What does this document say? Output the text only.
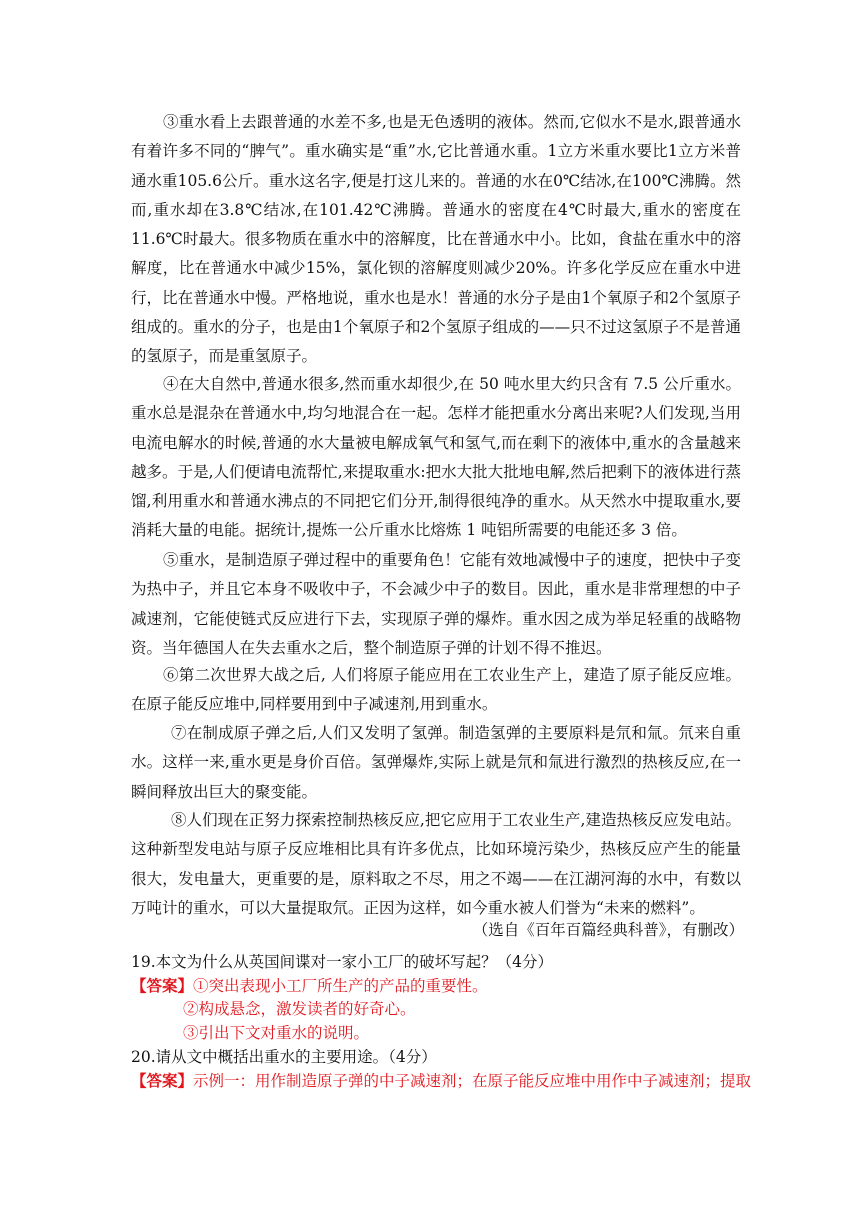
③重水看上去跟普通的水差不多,也是无色透明的液体。然而,它似水不是水,跟普通水有着许多不同的“脾气”。重水确实是“重”水,它比普通水重。1立方米重水要比1立方米普通水重105.6公斤。重水这名字,便是打这儿来的。普通的水在0℃结冰,在100℃沸腾。然而,重水却在3.8℃结冰,在101.42℃沸腾。普通水的密度在4℃时最大,重水的密度在11.6℃时最大。很多物质在重水中的溶解度，比在普通水中小。比如，食盐在重水中的溶解度，比在普通水中减少15%，氯化钡的溶解度则减少20%。许多化学反应在重水中进行，比在普通水中慢。严格地说，重水也是水！普通的水分子是由1个氧原子和2个氢原子组成的。重水的分子，也是由1个氧原子和2个氢原子组成的——只不过这氢原子不是普通的氢原子，而是重氢原子。

④在大自然中,普通水很多,然而重水却很少,在 50 吨水里大约只含有 7.5 公斤重水。重水总是混杂在普通水中,均匀地混合在一起。怎样才能把重水分离出来呢?人们发现,当用电流电解水的时候,普通的水大量被电解成氧气和氢气,而在剩下的液体中,重水的含量越来越多。于是,人们便请电流帮忙,来提取重水:把水大批大批地电解,然后把剩下的液体进行蒸馏,利用重水和普通水沸点的不同把它们分开,制得很纯净的重水。从天然水中提取重水,要消耗大量的电能。据统计,提炼一公斤重水比熔炼 1 吨铝所需要的电能还多 3 倍。

⑤重水，是制造原子弹过程中的重要角色！它能有效地减慢中子的速度，把快中子变为热中子，并且它本身不吸收中子，不会减少中子的数目。因此，重水是非常理想的中子减速剂，它能使链式反应进行下去，实现原子弹的爆炸。重水因之成为举足轻重的战略物资。当年德国人在失去重水之后，整个制造原子弹的计划不得不推迟。

⑥第二次世界大战之后, 人们将原子能应用在工农业生产上，建造了原子能反应堆。在原子能反应堆中,同样要用到中子减速剂,用到重水。

⑦在制成原子弹之后,人们又发明了氢弹。制造氢弹的主要原料是氘和氚。氘来自重水。这样一来,重水更是身价百倍。氢弹爆炸,实际上就是氘和氚进行激烈的热核反应,在一瞬间释放出巨大的聚变能。

⑧人们现在正努力探索控制热核反应,把它应用于工农业生产,建造热核反应发电站。这种新型发电站与原子反应堆相比具有许多优点，比如环境污染少，热核反应产生的能量很大，发电量大，更重要的是，原料取之不尽，用之不竭——在江湖河海的水中，有数以万吨计的重水，可以大量提取氘。正因为这样，如今重水被人们誉为“未来的燃料”。

（选自《百年百篇经典科普》，有删改）
19.本文为什么从英国间谍对一家小工厂的破坏写起？（4分）
【答案】①突出表现小工厂所生产的产品的重要性。
②构成悬念，激发读者的好奇心。
③引出下文对重水的说明。
20.请从文中概括出重水的主要用途。（4分）
【答案】示例一：用作制造原子弹的中子减速剂；在原子能反应堆中用作中子减速剂；提取
